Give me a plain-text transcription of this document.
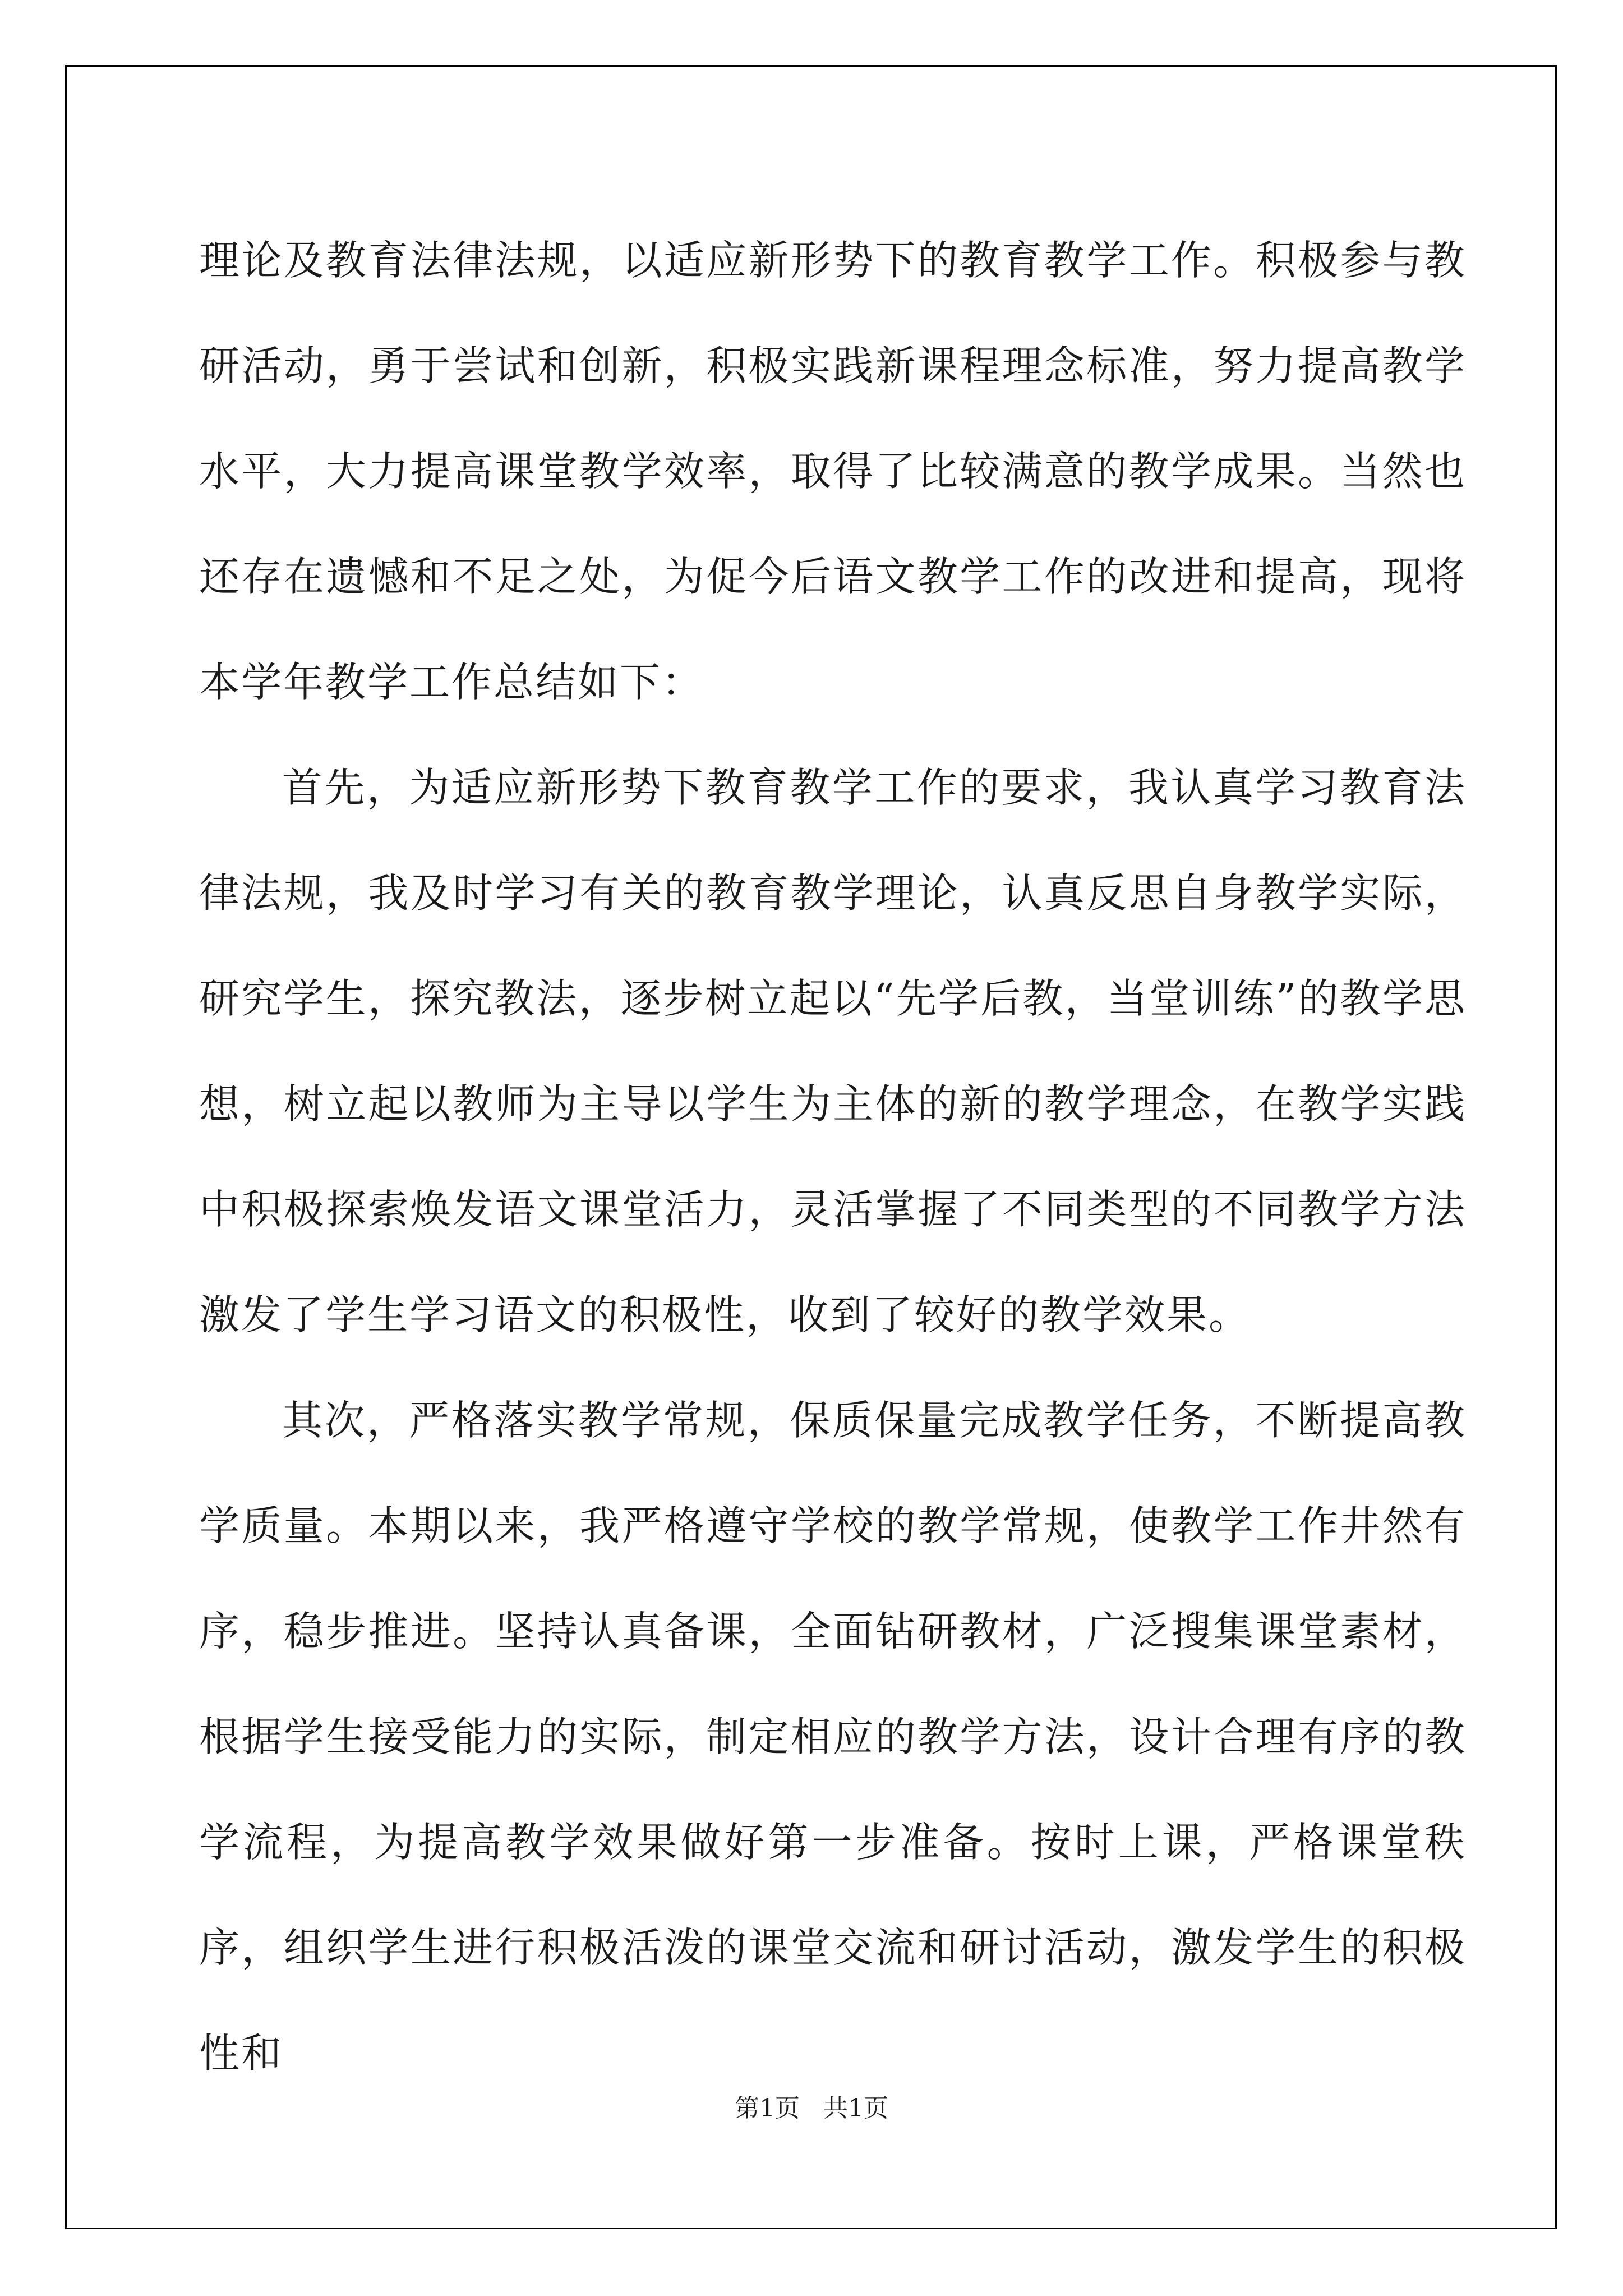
理论及教育法律法规，以适应新形势下的教育教学工作。积极参与教研活动，勇于尝试和创新，积极实践新课程理念标准，努力提高教学水平，大力提高课堂教学效率，取得了比较满意的教学成果。当然也还存在遗憾和不足之处，为促今后语文教学工作的改进和提高，现将本学年教学工作总结如下：

首先，为适应新形势下教育教学工作的要求，我认真学习教育法律法规，我及时学习有关的教育教学理论，认真反思自身教学实际，研究学生，探究教法，逐步树立起以“先学后教，当堂训练”的教学思想，树立起以教师为主导以学生为主体的新的教学理念，在教学实践中积极探索焕发语文课堂活力，灵活掌握了不同类型的不同教学方法激发了学生学习语文的积极性，收到了较好的教学效果。

其次，严格落实教学常规，保质保量完成教学任务，不断提高教学质量。本期以来，我严格遵守学校的教学常规，使教学工作井然有序，稳步推进。坚持认真备课，全面钻研教材，广泛搜集课堂素材，根据学生接受能力的实际，制定相应的教学方法，设计合理有序的教学流程，为提高教学效果做好第一步准备。按时上课，严格课堂秩序，组织学生进行积极活泼的课堂交流和研讨活动，激发学生的积极性和

第1页   共1页
